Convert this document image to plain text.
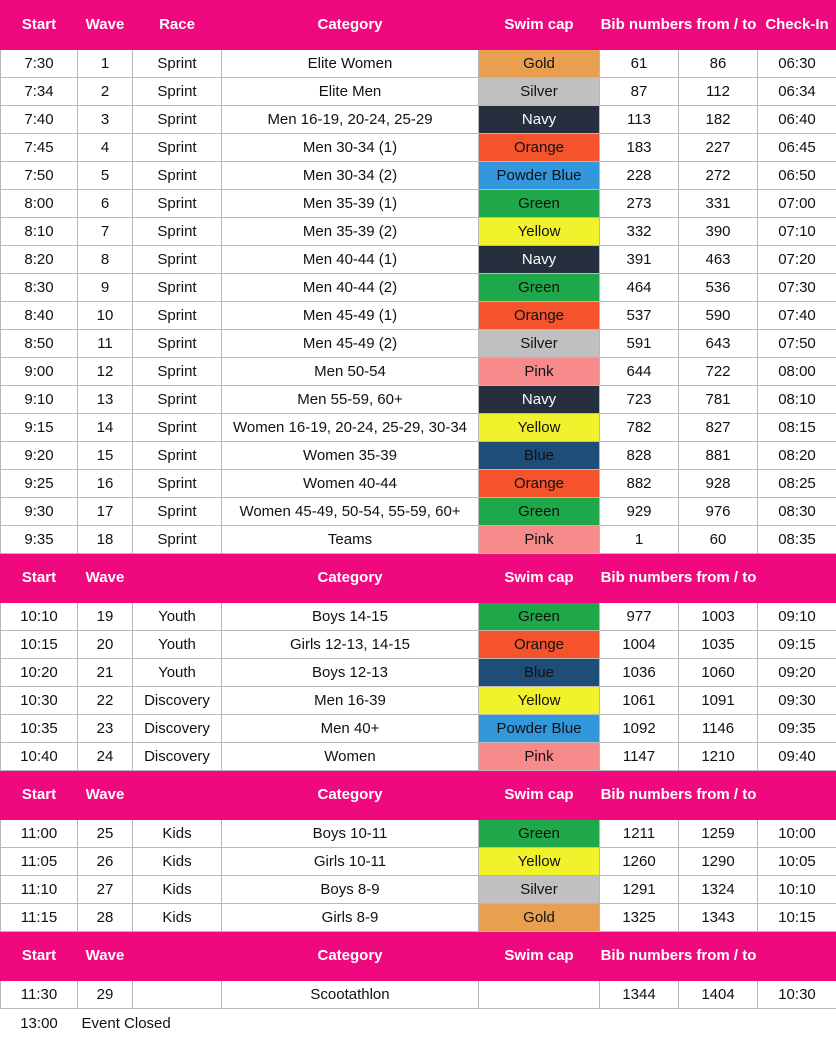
Start	Wave	Race	Category	Swim cap	Bib numbers from / to		Check-In
7:30	1	Sprint	Elite Women	Gold	61	86	06:30
7:34	2	Sprint	Elite Men	Silver	87	112	06:34
7:40	3	Sprint	Men 16-19, 20-24, 25-29	Navy	113	182	06:40
7:45	4	Sprint	Men 30-34 (1)	Orange	183	227	06:45
7:50	5	Sprint	Men 30-34 (2)	Powder Blue	228	272	06:50
8:00	6	Sprint	Men 35-39 (1)	Green	273	331	07:00
8:10	7	Sprint	Men 35-39 (2)	Yellow	332	390	07:10
8:20	8	Sprint	Men 40-44 (1)	Navy	391	463	07:20
8:30	9	Sprint	Men 40-44 (2)	Green	464	536	07:30
8:40	10	Sprint	Men 45-49 (1)	Orange	537	590	07:40
8:50	11	Sprint	Men 45-49 (2)	Silver	591	643	07:50
9:00	12	Sprint	Men 50-54	Pink	644	722	08:00
9:10	13	Sprint	Men 55-59, 60+	Navy	723	781	08:10
9:15	14	Sprint	Women 16-19, 20-24, 25-29, 30-34	Yellow	782	827	08:15
9:20	15	Sprint	Women 35-39	Blue	828	881	08:20
9:25	16	Sprint	Women 40-44	Orange	882	928	08:25
9:30	17	Sprint	Women 45-49, 50-54, 55-59, 60+	Green	929	976	08:30
9:35	18	Sprint	Teams	Pink	1	60	08:35
Start	Wave		Category	Swim cap	Bib numbers from / to		
10:10	19	Youth	Boys 14-15	Green	977	1003	09:10
10:15	20	Youth	Girls 12-13, 14-15	Orange	1004	1035	09:15
10:20	21	Youth	Boys 12-13	Blue	1036	1060	09:20
10:30	22	Discovery	Men 16-39	Yellow	1061	1091	09:30
10:35	23	Discovery	Men 40+	Powder Blue	1092	1146	09:35
10:40	24	Discovery	Women	Pink	1147	1210	09:40
Start	Wave		Category	Swim cap	Bib numbers from / to		
11:00	25	Kids	Boys 10-11	Green	1211	1259	10:00
11:05	26	Kids	Girls 10-11	Yellow	1260	1290	10:05
11:10	27	Kids	Boys 8-9	Silver	1291	1324	10:10
11:15	28	Kids	Girls 8-9	Gold	1325	1343	10:15
Start	Wave		Category	Swim cap	Bib numbers from / to		
11:30	29		Scootathlon		1344	1404	10:30
13:00	Event Closed						
